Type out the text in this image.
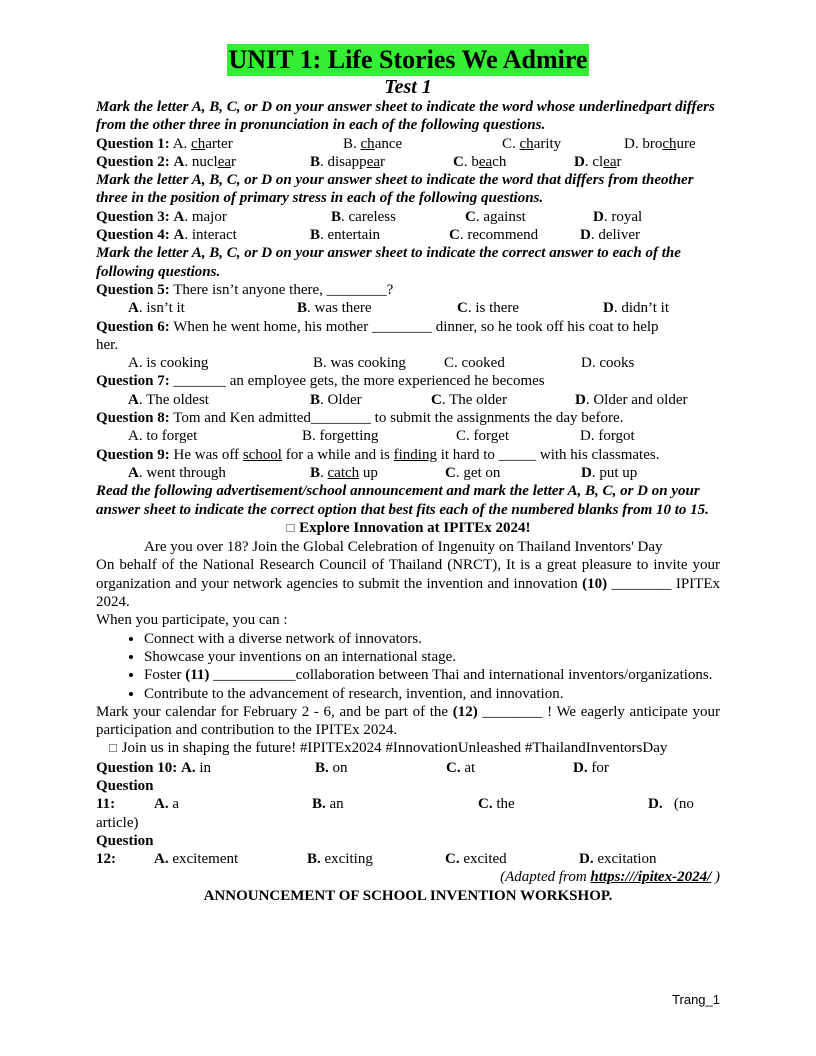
UNIT 1: Life Stories We Admire
Test 1
Mark the letter A, B, C, or D on your answer sheet to indicate the word whose underlinedpart differs from the other three in pronunciation in each of the following questions.
Question 1: A. charter	B. chance	C. charity	D. brochure
Question 2: A. nuclear	B. disappear	C. beach	D. clear
Mark the letter A, B, C, or D on your answer sheet to indicate the word that differs from theother three in the position of primary stress in each of the following questions.
Question 3: A. major	B. careless	C. against	D. royal
Question 4: A. interact	B. entertain	C. recommend	D. deliver
Mark the letter A, B, C, or D on your answer sheet to indicate the correct answer to each of the following questions.
Question 5: There isn’t anyone there, ________?
A. isn’t it	B. was there	C. is there	D. didn’t it
Question 6: When he went home, his mother ________ dinner, so he took off his coat to help
her.
A. is cooking	B. was cooking	C. cooked	D. cooks
Question 7: _______ an employee gets, the more experienced he becomes
A. The oldest	B. Older	C. The older	D. Older and older
Question 8: Tom and Ken admitted________ to submit the assignments the day before.
A. to forget	B. forgetting	C. forget	D. forgot
Question 9: He was off school for a while and is finding it hard to _____ with his classmates.
A. went through	B. catch up	C. get on	D. put up
Read the following advertisement/school announcement and mark the letter A, B, C, or D on your answer sheet to indicate the correct option that best fits each of the numbered blanks from 10 to 15.
☐ Explore Innovation at IPITEx 2024!
Are you over 18? Join the Global Celebration of Ingenuity on Thailand Inventors' Day
On behalf of the National Research Council of Thailand (NRCT), It is a great pleasure to invite your organization and your network agencies to submit the invention and innovation (10) ________ IPITEx 2024.
When you participate, you can :
• Connect with a diverse network of innovators.
• Showcase your inventions on an international stage.
• Foster (11) ___________collaboration between Thai and international inventors/organizations.
• Contribute to the advancement of research, invention, and innovation.
Mark your calendar for February 2 - 6, and be part of the (12) ________ ! We eagerly anticipate your participation and contribution to the IPITEx 2024.
☐ Join us in shaping the future! #IPITEx2024 #InnovationUnleashed #ThailandInventorsDay
Question 10: A. in	B. on	C. at	D. for
Question
11:	A. a	B. an	C. the	D.   (no
article)
Question
12:	A. excitement	B. exciting	C. excited	D. excitation
(Adapted from https:///ipitex-2024/ )
ANNOUNCEMENT OF SCHOOL INVENTION WORKSHOP.
Trang_1
